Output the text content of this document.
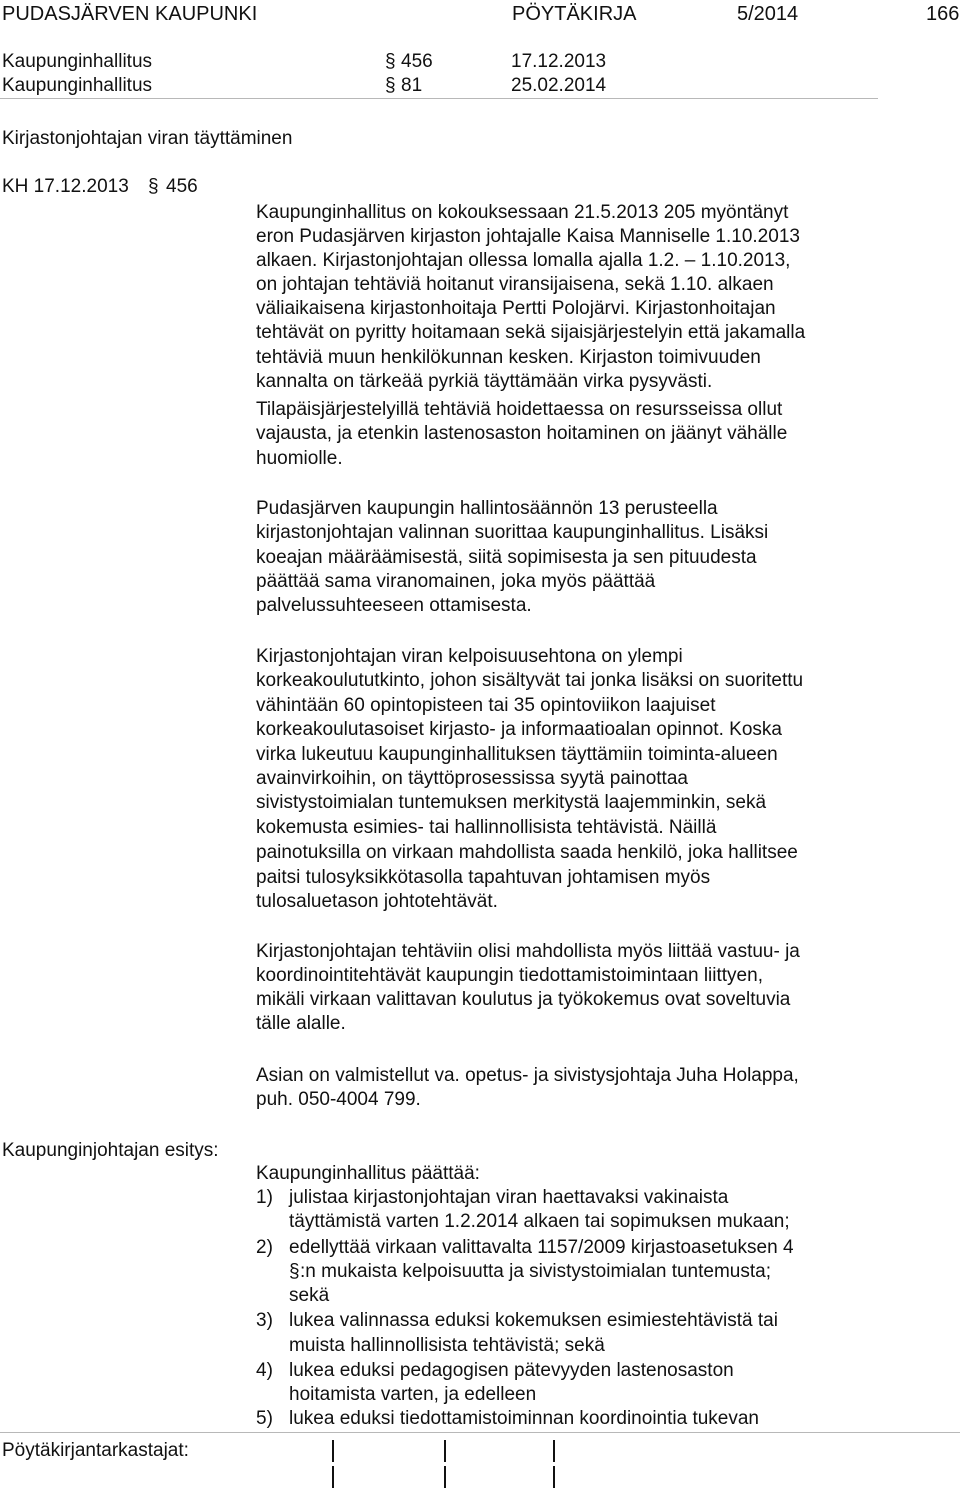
PUDASJÄRVEN KAUPUNKI	PÖYTÄKIRJA	5/2014	166
Kaupunginhallitus	§ 456	17.12.2013
Kaupunginhallitus	§ 81	25.02.2014
Kirjastonjohtajan viran täyttäminen
KH 17.12.2013 § 456
Kaupunginhallitus on kokouksessaan 21.5.2013 205 myöntänyt
eron Pudasjärven kirjaston johtajalle Kaisa Manniselle 1.10.2013
alkaen. Kirjastonjohtajan ollessa lomalla ajalla 1.2. – 1.10.2013,
on johtajan tehtäviä hoitanut viransijaisena, sekä 1.10. alkaen
väliaikaisena kirjastonhoitaja Pertti Polojärvi. Kirjastonhoitajan
tehtävät on pyritty hoitamaan sekä sijaisjärjestelyin että jakamalla
tehtäviä muun henkilökunnan kesken. Kirjaston toimivuuden
kannalta on tärkeää pyrkiä täyttämään virka pysyvästi.
Tilapäisjärjestelyillä tehtäviä hoidettaessa on resursseissa ollut
vajausta, ja etenkin lastenosaston hoitaminen on jäänyt vähälle
huomiolle.
Pudasjärven kaupungin hallintosäännön 13 perusteella
kirjastonjohtajan valinnan suorittaa kaupunginhallitus. Lisäksi
koeajan määräämisestä, siitä sopimisesta ja sen pituudesta
päättää sama viranomainen, joka myös päättää
palvelussuhteeseen ottamisesta.
Kirjastonjohtajan viran kelpoisuusehtona on ylempi
korkeakoulututkinto, johon sisältyvät tai jonka lisäksi on suoritettu
vähintään 60 opintopisteen tai 35 opintoviikon laajuiset
korkeakoulutasoiset kirjasto- ja informaatioalan opinnot. Koska
virka lukeutuu kaupunginhallituksen täyttämiin toiminta-alueen
avainvirkoihin, on täyttöprosessissa syytä painottaa
sivistystoimialan tuntemuksen merkitystä laajemminkin, sekä
kokemusta esimies- tai hallinnollisista tehtävistä. Näillä
painotuksilla on virkaan mahdollista saada henkilö, joka hallitsee
paitsi tulosyksikkötasolla tapahtuvan johtamisen myös
tulosaluetason johtotehtävät.
Kirjastonjohtajan tehtäviin olisi mahdollista myös liittää vastuu- ja
koordinointitehtävät kaupungin tiedottamistoimintaan liittyen,
mikäli virkaan valittavan koulutus ja työkokemus ovat soveltuvia
tälle alalle.
Asian on valmistellut va. opetus- ja sivistysjohtaja Juha Holappa,
puh. 050-4004 799.
Kaupunginjohtajan esitys:
Kaupunginhallitus päättää:
1) julistaa kirjastonjohtajan viran haettavaksi vakinaista
täyttämistä varten 1.2.2014 alkaen tai sopimuksen mukaan;
2) edellyttää virkaan valittavalta 1157/2009 kirjastoasetuksen 4
§ :n mukaista kelpoisuutta ja sivistystoimialan tuntemusta;
sekä
3) lukea valinnassa eduksi kokemuksen esimiestehtävistä tai
muista hallinnollisista tehtävistä; sekä
4) lukea eduksi pedagogisen pätevyyden lastenosaston
hoitamista varten, ja edelleen
5) lukea eduksi tiedottamistoiminnan koordinointia tukevan
Pöytäkirjantarkastajat:
